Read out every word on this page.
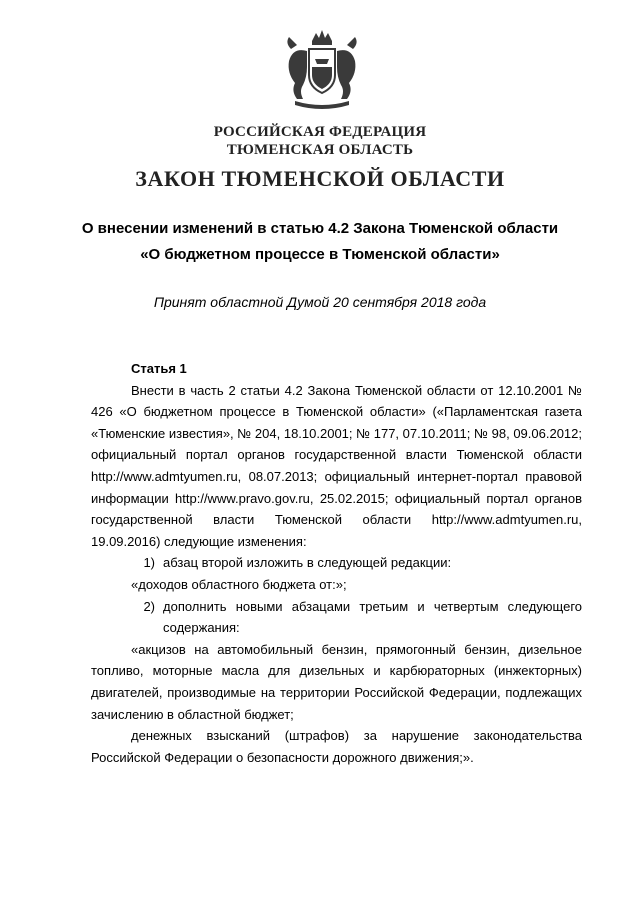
РОССИЙСКАЯ ФЕДЕРАЦИЯ
ТЮМЕНСКАЯ ОБЛАСТЬ
ЗАКОН ТЮМЕНСКОЙ ОБЛАСТИ
О внесении изменений в статью 4.2 Закона Тюменской области
«О бюджетном процессе в Тюменской области»
Принят областной Думой 20 сентября 2018 года
Статья 1

Внести в часть 2 статьи 4.2 Закона Тюменской области от 12.10.2001 № 426 «О бюджетном процессе в Тюменской области» («Парламентская газета «Тюменские известия», № 204, 18.10.2001; № 177, 07.10.2011; № 98, 09.06.2012; официальный портал органов государственной власти Тюменской области http://www.admtyumen.ru, 08.07.2013; официальный интернет-портал правовой информации http://www.pravo.gov.ru, 25.02.2015; официальный портал органов государственной власти Тюменской области http://www.admtyumen.ru, 19.09.2016) следующие изменения:

1) абзац второй изложить в следующей редакции:

«доходов областного бюджета от:»;

2) дополнить новыми абзацами третьим и четвертым следующего содержания:

«акцизов на автомобильный бензин, прямогонный бензин, дизельное топливо, моторные масла для дизельных и карбюраторных (инжекторных) двигателей, производимые на территории Российской Федерации, подлежащих зачислению в областной бюджет;

денежных взысканий (штрафов) за нарушение законодательства Российской Федерации о безопасности дорожного движения;».
